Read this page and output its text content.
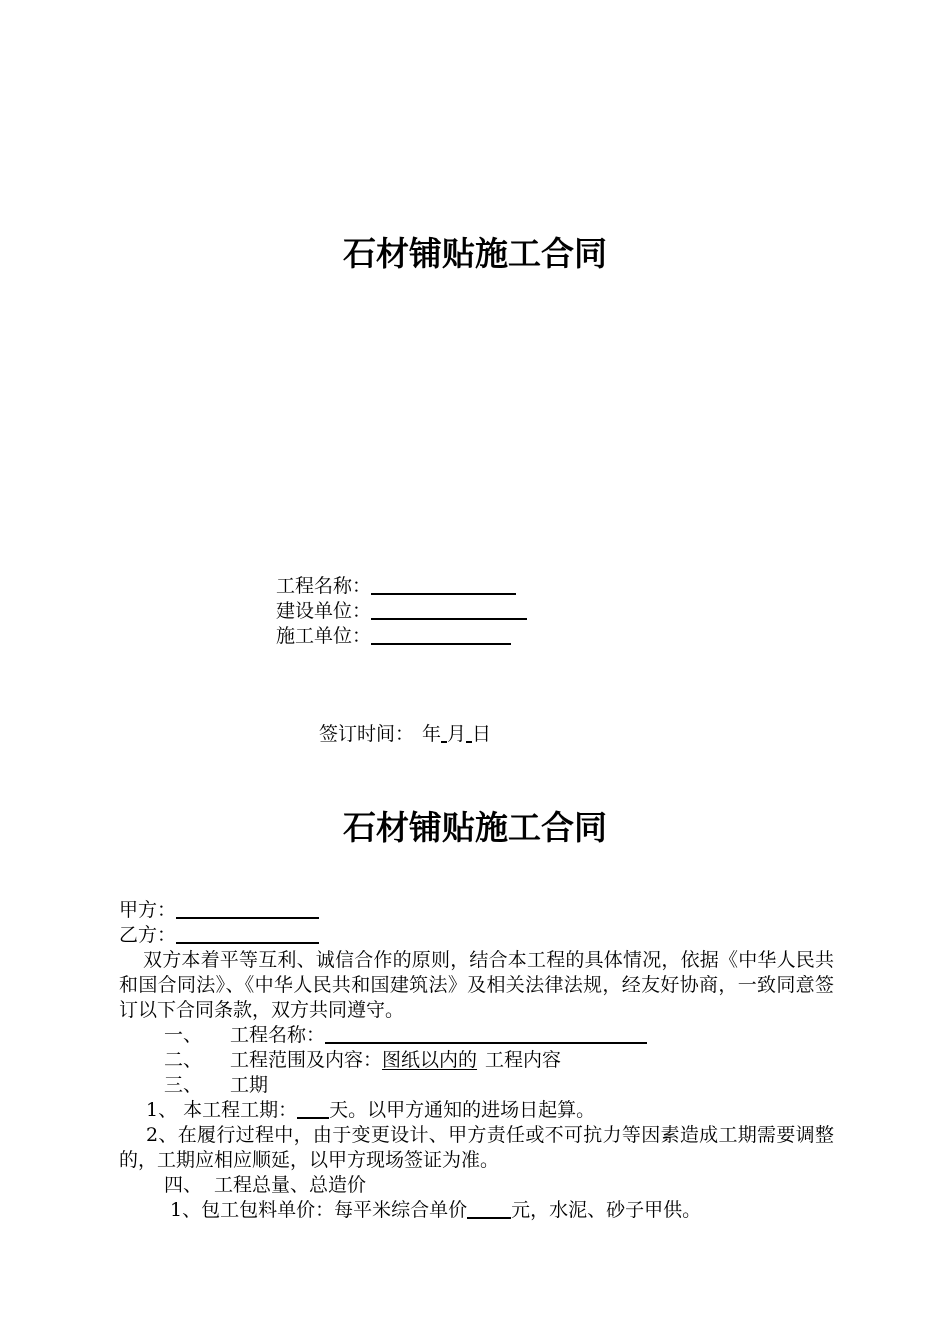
石材铺贴施工合同
工程名称：
建设单位：
施工单位：
签订时间： 年 月 日
石材铺贴施工合同
甲方：
乙方：
双方本着平等互利、诚信合作的原则，结合本工程的具体情况，依据《中华人民共和国合同法》、《中华人民共和国建筑法》及相关法律法规，经友好协商，一致同意签订以下合同条款，双方共同遵守。
一、 工程名称：
二、 工程范围及内容：图纸以内的 工程内容
三、 工期
1、 本工程工期： 天。以甲方通知的进场日起算。
2、在履行过程中，由于变更设计、甲方责任或不可抗力等因素造成工期需要调整的，工期应相应顺延，以甲方现场签证为准。
四、 工程总量、总造价
1、包工包料单价：每平米综合单价 元，水泥、砂子甲供。
